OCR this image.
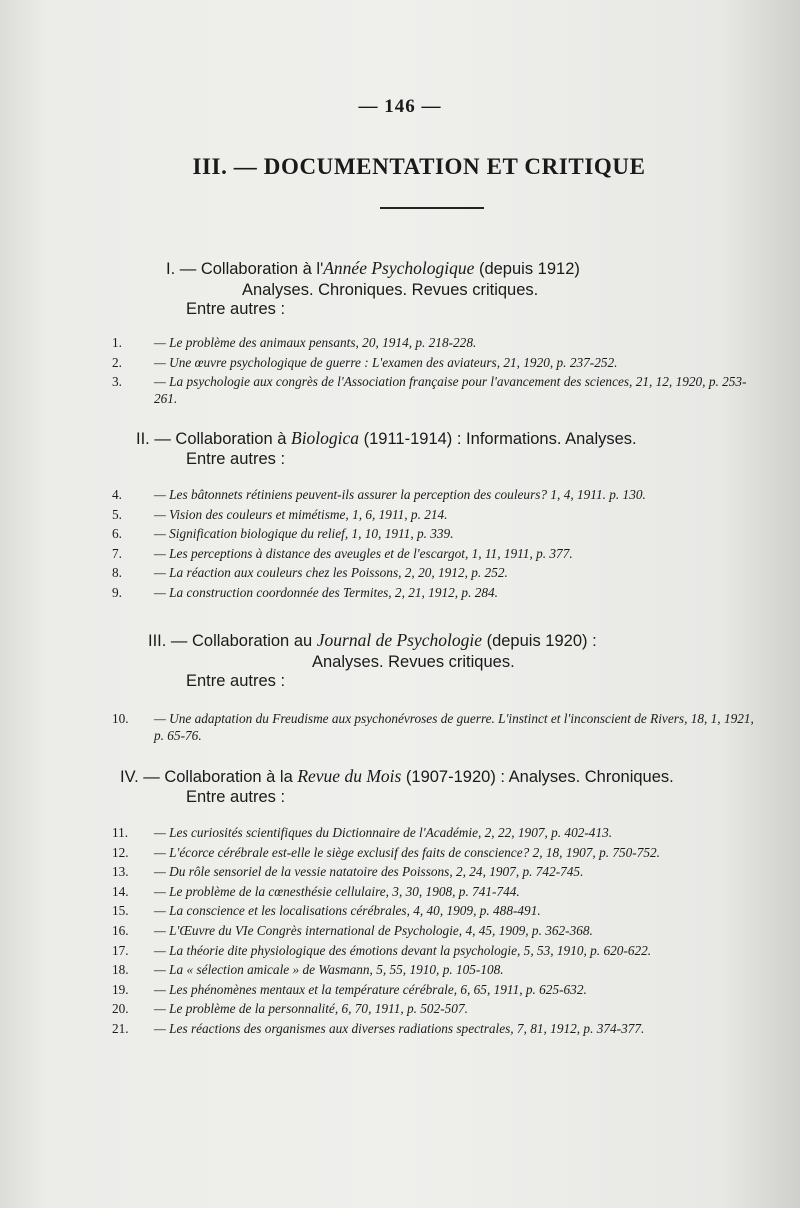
— 146 —
III. — DOCUMENTATION ET CRITIQUE
I. — Collaboration à l'Année Psychologique (depuis 1912)
Analyses. Chroniques. Revues critiques.
Entre autres :
1. — Le problème des animaux pensants, 20, 1914, p. 218-228.
2. — Une œuvre psychologique de guerre : L'examen des aviateurs, 21, 1920, p. 237-252.
3. — La psychologie aux congrès de l'Association française pour l'avancement des sciences, 21, 12, 1920, p. 253-261.
II. — Collaboration à Biologica (1911-1914) : Informations. Analyses.
Entre autres :
4. — Les bâtonnets rétiniens peuvent-ils assurer la perception des couleurs? 1, 4, 1911. p. 130.
5. — Vision des couleurs et mimétisme, 1, 6, 1911, p. 214.
6. — Signification biologique du relief, 1, 10, 1911, p. 339.
7. — Les perceptions à distance des aveugles et de l'escargot, 1, 11, 1911, p. 377.
8. — La réaction aux couleurs chez les Poissons, 2, 20, 1912, p. 252.
9. — La construction coordonnée des Termites, 2, 21, 1912, p. 284.
III. — Collaboration au Journal de Psychologie (depuis 1920) :
Analyses. Revues critiques.
Entre autres :
10. — Une adaptation du Freudisme aux psychonévroses de guerre. L'instinct et l'inconscient de Rivers, 18, 1, 1921, p. 65-76.
IV. — Collaboration à la Revue du Mois (1907-1920) : Analyses. Chroniques.
Entre autres :
11. — Les curiosités scientifiques du Dictionnaire de l'Académie, 2, 22, 1907, p. 402-413.
12. — L'écorce cérébrale est-elle le siège exclusif des faits de conscience? 2, 18, 1907, p. 750-752.
13. — Du rôle sensoriel de la vessie natatoire des Poissons, 2, 24, 1907, p. 742-745.
14. — Le problème de la cœnesthésie cellulaire, 3, 30, 1908, p. 741-744.
15. — La conscience et les localisations cérébrales, 4, 40, 1909, p. 488-491.
16. — L'Œuvre du VIe Congrès international de Psychologie, 4, 45, 1909, p. 362-368.
17. — La théorie dite physiologique des émotions devant la psychologie, 5, 53, 1910, p. 620-622.
18. — La « sélection amicale » de Wasmann, 5, 55, 1910, p. 105-108.
19. — Les phénomènes mentaux et la température cérébrale, 6, 65, 1911, p. 625-632.
20. — Le problème de la personnalité, 6, 70, 1911, p. 502-507.
21. — Les réactions des organismes aux diverses radiations spectrales, 7, 81, 1912, p. 374-377.
